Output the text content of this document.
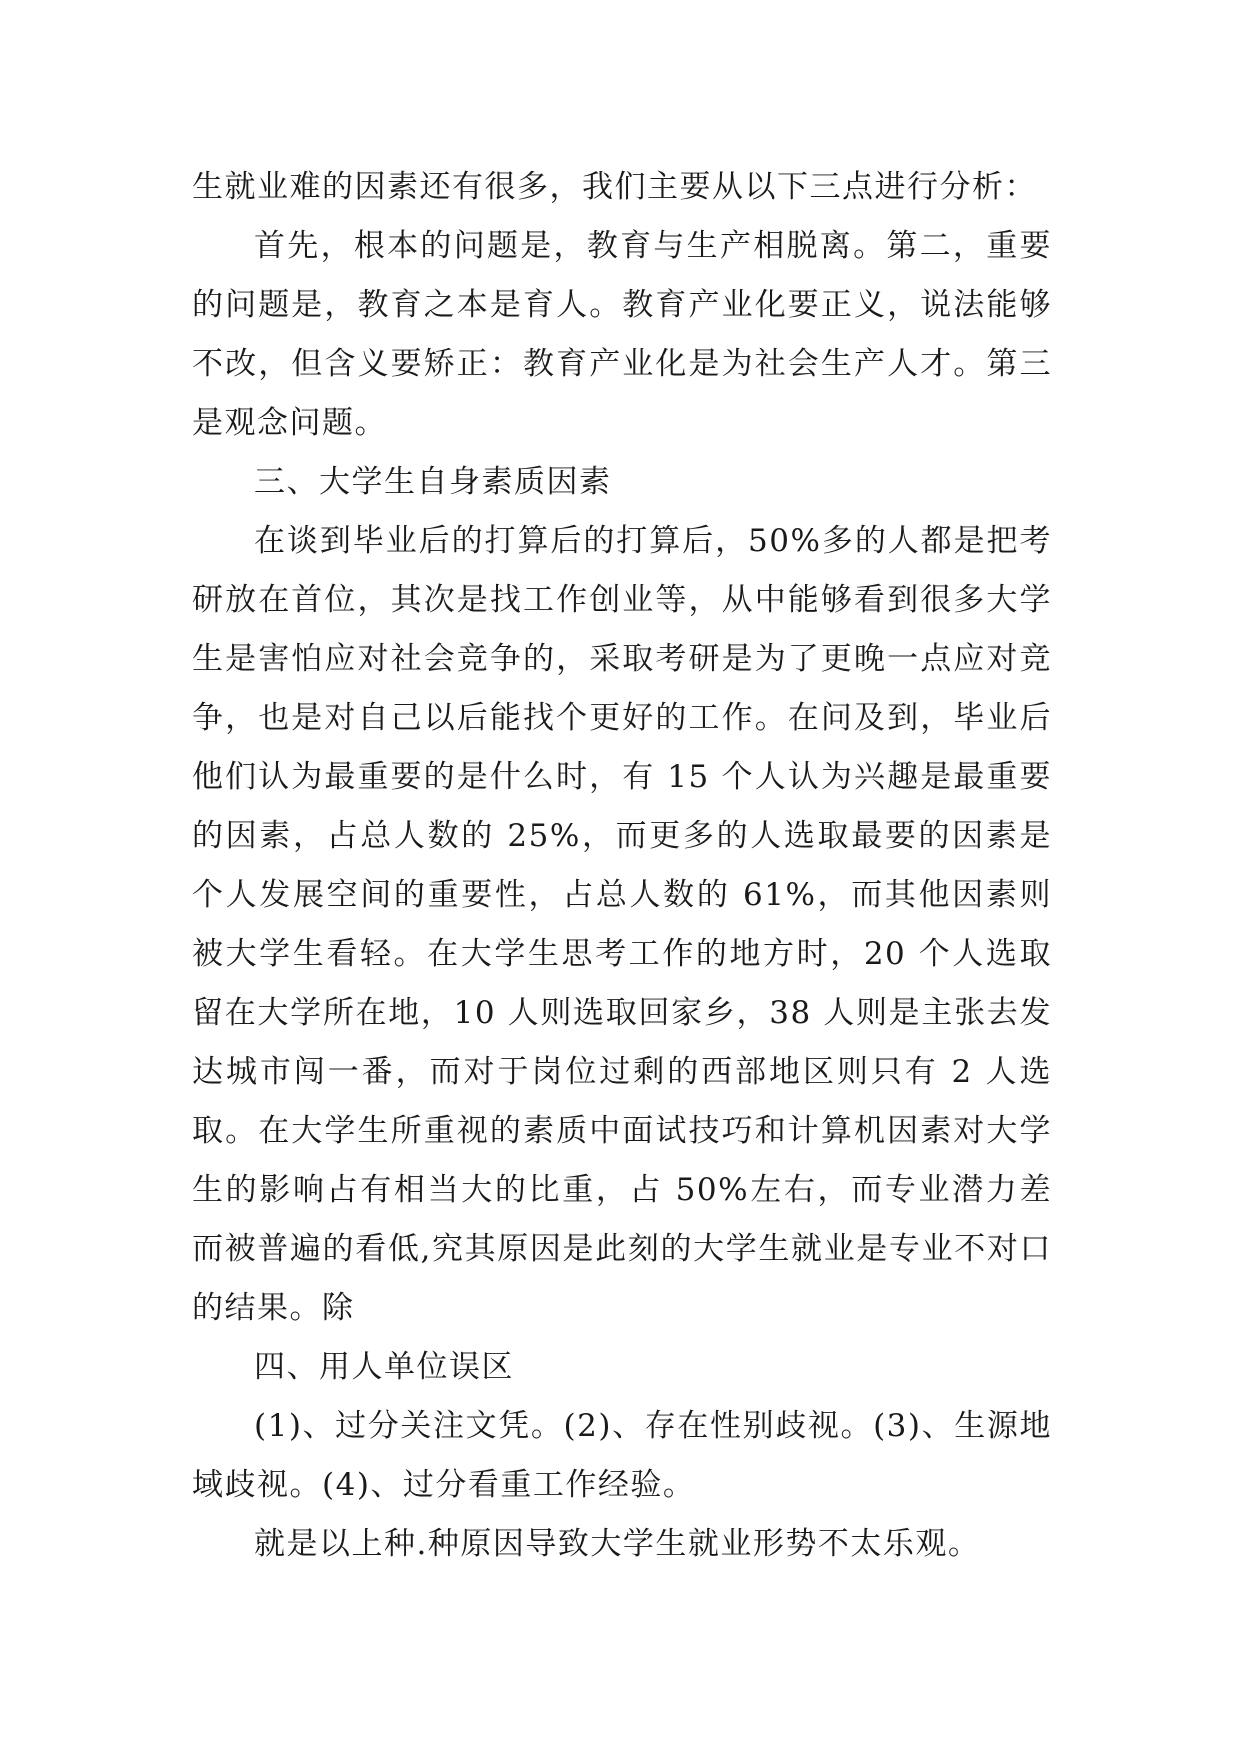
生就业难的因素还有很多，我们主要从以下三点进行分析：

首先，根本的问题是，教育与生产相脱离。第二，重要的问题是，教育之本是育人。教育产业化要正义，说法能够不改，但含义要矫正：教育产业化是为社会生产人才。第三是观念问题。

三、大学生自身素质因素

在谈到毕业后的打算后的打算后，50%多的人都是把考研放在首位，其次是找工作创业等，从中能够看到很多大学生是害怕应对社会竞争的，采取考研是为了更晚一点应对竞争，也是对自己以后能找个更好的工作。在问及到，毕业后他们认为最重要的是什么时，有 15 个人认为兴趣是最重要的因素，占总人数的 25%，而更多的人选取最要的因素是个人发展空间的重要性，占总人数的 61%，而其他因素则被大学生看轻。在大学生思考工作的地方时，20 个人选取留在大学所在地，10 人则选取回家乡，38 人则是主张去发达城市闯一番，而对于岗位过剩的西部地区则只有 2 人选取。在大学生所重视的素质中面试技巧和计算机因素对大学生的影响占有相当大的比重，占 50%左右，而专业潜力差而被普遍的看低,究其原因是此刻的大学生就业是专业不对口的结果。除

四、用人单位误区

(1)、过分关注文凭。(2)、存在性别歧视。(3)、生源地域歧视。(4)、过分看重工作经验。

就是以上种.种原因导致大学生就业形势不太乐观。
